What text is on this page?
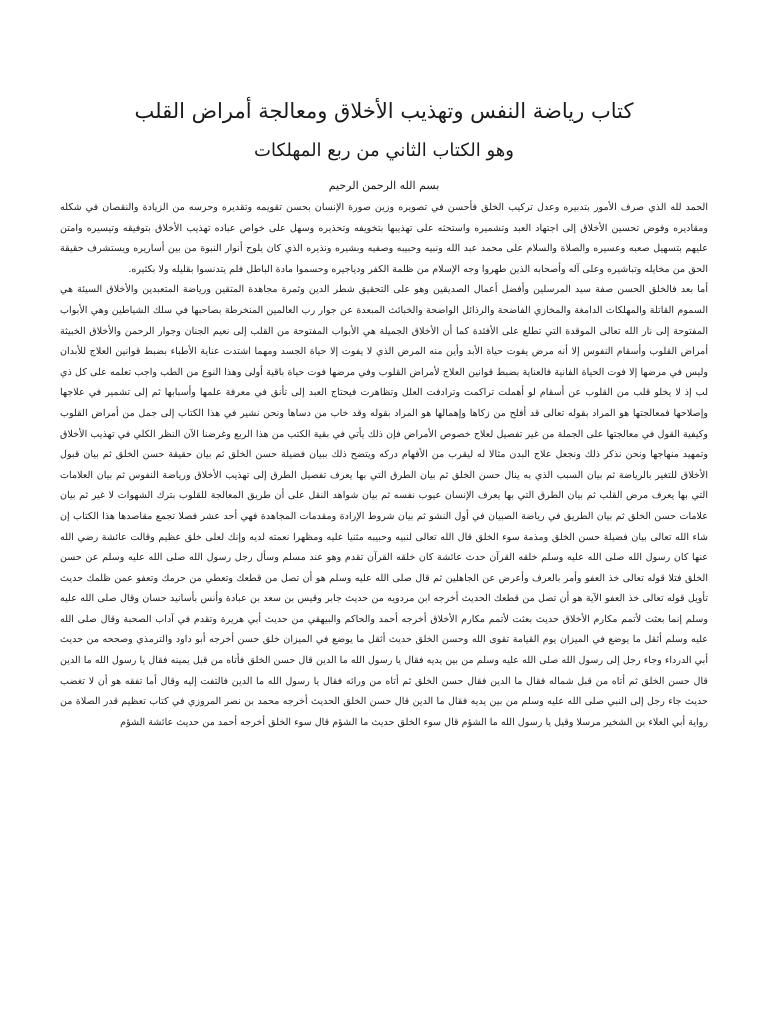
كتاب رياضة النفس وتهذيب الأخلاق ومعالجة أمراض القلب
وهو الكتاب الثاني من ربع المهلكات

بسم الله الرحمن الرحيم

الحمد لله الذي صرف الأمور بتدبيره وعدل تركيب الخلق فأحسن في تصويره وزين صورة الإنسان بحسن تقويمه وتقديره وحرسه من الزيادة والنقصان في شكله ومقاديره وفوض تحسين الأخلاق إلى اجتهاد العبد وتشميره واستحثه على تهذيبها بتخويفه وتحذيره وسهل على خواص عباده تهذيب الأخلاق بتوفيقه وتيسيره وامتن عليهم بتسهيل صعبه وعسيره والصلاة والسلام على محمد عبد الله ونبيه وحبيبه وصفيه وبشيره ونذيره الذي كان يلوح أنوار النبوة من بين أساريره ويستشرف حقيقة الحق من مخايله وتباشيره وعلى آله وأصحابه الذين طهروا وجه الإسلام من ظلمة الكفر ودياجيره وحسموا مادة الباطل فلم يتدنسوا بقليله ولا بكثيره.

أما بعد فالخلق الحسن صفة سيد المرسلين وأفضل أعمال الصديقين وهو على التحقيق شطر الدين وثمرة مجاهدة المتقين ورياضة المتعبدين والأخلاق السيئة هي السموم القاتلة والمهلكات الدامغة والمخازي الفاضحة والرذائل الواضحة والخبائث المبعدة عن جوار رب العالمين المنخرطة بصاحبها في سلك الشياطين وهي الأبواب المفتوحة إلى نار الله تعالى الموقدة التي تطلع على الأفئدة كما أن الأخلاق الجميلة هي الأبواب المفتوحة من القلب إلى نعيم الجنان وجوار الرحمن والأخلاق الخبيثة أمراض القلوب وأسقام النفوس إلا أنه مرض يفوت حياة الأبد وأين منه المرض الذي لا يفوت إلا حياة الجسد ومهما اشتدت عناية الأطباء بضبط قوانين العلاج للأبدان وليس في مرضها إلا فوت الحياة الفانية فالعناية بضبط قوانين العلاج لأمراض القلوب وفي مرضها فوت حياة باقية أولى وهذا النوع من الطب واجب تعلمه على كل ذي لب إذ لا يخلو قلب من القلوب عن أسقام لو أهملت تراكمت وترادفت العلل وتظاهرت فيحتاج العبد إلى تأنق في معرفة علمها وأسبابها ثم إلى تشمير في علاجها وإصلاحها فمعالجتها هو المراد بقوله تعالى قد أفلح من زكاها وإهمالها هو المراد بقوله وقد خاب من دساها ونحن نشير في هذا الكتاب إلى جمل من أمراض القلوب وكيفية القول في معالجتها على الجملة من غير تفصيل لعلاج خصوص الأمراض فإن ذلك يأتي في بقية الكتب من هذا الربع وغرضنا الآن النظر الكلي في تهذيب الأخلاق وتمهيد منهاجها ونحن نذكر ذلك ونجعل علاج البدن مثالا له ليقرب من الأفهام دركه ويتضح ذلك ببيان فضيلة حسن الخلق ثم بيان حقيقة حسن الخلق ثم بيان قبول الأخلاق للتغير بالرياضة ثم بيان السبب الذي به ينال حسن الخلق ثم بيان الطرق التي بها يعرف تفصيل الطرق إلى تهذيب الأخلاق ورياضة النفوس ثم بيان العلامات التي بها يعرف مرض القلب ثم بيان الطرق التي بها يعرف الإنسان عيوب نفسه ثم بيان شواهد النقل على أن طريق المعالجة للقلوب بترك الشهوات لا غير ثم بيان علامات حسن الخلق ثم بيان الطريق في رياضة الصبيان في أول النشو ثم بيان شروط الإرادة ومقدمات المجاهدة فهي أحد عشر فصلا تجمع مقاصدها هذا الكتاب إن شاء الله تعالى بيان فضيلة حسن الخلق ومذمة سوء الخلق قال الله تعالى لنبيه وحبيبه مثنيا عليه ومظهرا نعمته لديه وإنك لعلى خلق عظيم وقالت عائشة رضي الله عنها كان رسول الله صلى الله عليه وسلم خلقه القرآن حدث عائشة كان خلقه القرآن تقدم وهو عند مسلم وسأل رجل رسول الله صلى الله عليه وسلم عن حسن الخلق فتلا قوله تعالى خذ العفو وأمر بالعرف وأعرض عن الجاهلين ثم قال صلى الله عليه وسلم هو أن تصل من قطعك وتعطي من حرمك وتعفو عمن ظلمك حديث تأويل قوله تعالى خذ العفو الآية هو أن تصل من قطعك الحديث أخرجه ابن مردويه من حديث جابر وقيس بن سعد بن عبادة وأنس بأسانيد حسان وقال صلى الله عليه وسلم إنما بعثت لأتمم مكارم الأخلاق حديث بعثت لأتمم مكارم الأخلاق أخرجه أحمد والحاكم والبيهقي من حديث أبي هريرة وتقدم في آداب الصحبة وقال صلى الله عليه وسلم أثقل ما يوضع في الميزان يوم القيامة تقوى الله وحسن الخلق حديث أثقل ما يوضع في الميزان خلق حسن أخرجه أبو داود والترمذي وصححه من حديث أبي الدرداء وجاء رجل إلى رسول الله صلى الله عليه وسلم من بين يديه فقال يا رسول الله ما الدين قال حسن الخلق فأتاه من قبل يمينه فقال يا رسول الله ما الدين قال حسن الخلق ثم أتاه من قبل شماله فقال ما الدين فقال حسن الخلق ثم أتاه من ورائه فقال يا رسول الله ما الدين فالتفت إليه وقال أما تفقه هو أن لا تغضب حديث جاء رجل إلى النبي صلى الله عليه وسلم من بين يديه فقال ما الدين قال حسن الخلق الحديث أخرجه محمد بن نصر المروزي في كتاب تعظيم قدر الصلاة من رواية أبي العلاء بن الشخير مرسلا وقيل يا رسول الله ما الشؤم قال سوء الخلق حديث ما الشؤم قال سوء الخلق أخرجه أحمد من حديث عائشة الشؤم
